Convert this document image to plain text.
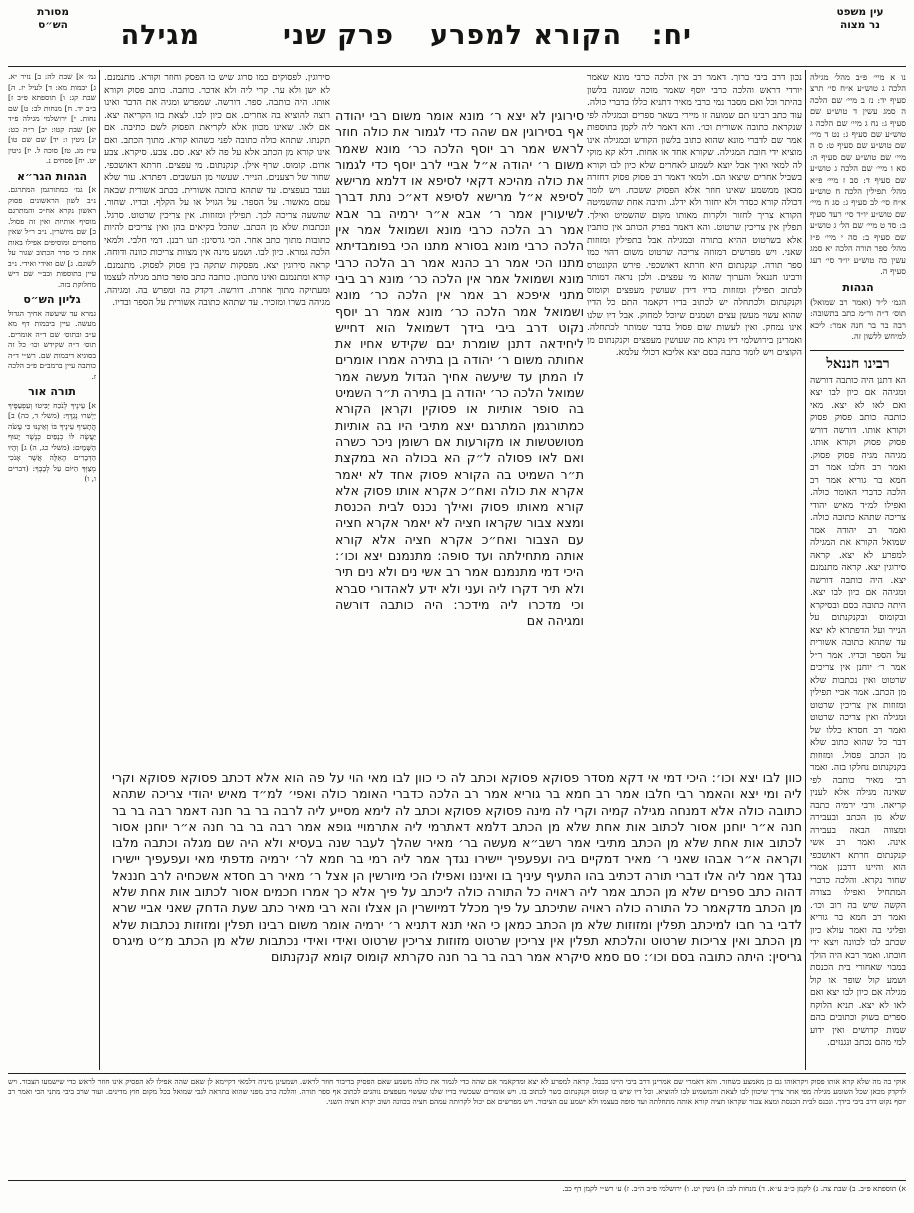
עין משפט
נר מצוה
יח:
הקורא למפרע
פרק שני
מגילה
מסורת
הש״ס
נו א מיי׳ פ״ב מהל׳ מגילה הלכה ג טוש״ע א״ח סי׳ תרצ סעיף יד: נז ב מיי׳ שם הלכה ה סמג עשין ד טוש״ע שם סעיף ג: נח ג מיי׳ שם הלכה ג טוש״ע שם סעיף ג: נט ד מיי׳ שם טוש״ע שם סעיף ט: ס ה מיי׳ שם טוש״ע שם סעיף ה: סא ו מיי׳ שם הלכה ג טוש״ע שם סעיף ד: סב ז מיי׳ פ״א מהל׳ תפילין הלכה ח טוש״ע א״ח סי׳ לב סעיף ג: סג ח מיי׳ שם טוש״ע יו״ד סי׳ רעד סעיף ב: סד ט מיי׳ שם הל׳ ג טוש״ע שם סעיף ב: סה י מיי׳ פ״ז מהל׳ ספר תורה הלכה יא סמג עשין כה טוש״ע יו״ד סי׳ רעג סעיף ה.
הגהות
הגמ׳ ל״ד (ואמר רב שמואל) תוס׳ ד״ה ור״מ כתב בתשובה: רבה בר בר חנה אמר: ליכא למיחש ללשון זה.
רבינו חננאל
הא דתנן היה כותבה דורשה ומגיהה אם כיון לבו יצא ואם לאו לא יצא. מאי כותבה כותב פסוק פסוק וקורא אותו. דורשה דורש פסוק פסוק וקורא אותו. מגיהה מגיה פסוק פסוק. ואמר רב חלבו אמר רב חמא בר גוריא אמר רב הלכה כדברי האומר כולה. ואפילו למ״ד מאיש יהודי צריכה שתהא כתובה כולה. ואמר רב יהודה אמר שמואל הקורא את המגילה למפרע לא יצא. קראה סירוגין יצא. קראה מתנמנם יצא. היה כותבה דורשה ומגיהה אם כיון לבו יצא. היתה כתובה בסם ובסיקרא ובקומוס ובקנקנתום על הנייר ועל הדפתרא לא יצא עד שתהא כתובה אשורית על הספר ובדיו. אמר ר״ל אמר ר׳ יוחנן אין צריכים שרטוט ואין נכתבות שלא מן הכתב. אמר אביי תפילין ומזוזות אין צריכין שרטוט ומגילה ואין צריכה שרטוט ואמר רב חסדא כללו של דבר כל שהוא כתוב שלא מן הכתב פסול. ומזוזות בקנקנתום נחלקו בזה. ואמר רבי מאיר כותבה לפי שאינה מגילה אלא לענין קריאה. ורבי ירמיה כתבה שלא מן הכתב ובעבירה ומצווה הבאה בעבירה אינה. ואמר רב אשי קנקנתום חרתא דאושכפי הוא והיינו דרבנן אמרי שחור נקרא. והלכה כדברי המתחיל ואפילו בצורה הקשה שיש בה רוב וכו׳. ואמר רב חמא בר גוריא ופליגי בה ואמר עולא כיון שכתב לבו לכוונה ויצא ידי חובתו. ואמר רבא היה הולך במבוי שאחורי בית הכנסת ושמע קול שופר או קול מגילה אם כיון לבו יצא ואם לאו לא יצא. תניא הלוקח ספרים בשוק וכתובים בהם שמות קדושים ואין ידוע למי מהם נכתב ונגנזים.
נכון דרב ביבי ברוך. דאמר רב אין הלכה כרבי מונא שאמר יורדי דראש והלכה כרבי יוסף שאמר מוכה שמונה בלשון בהיתר וכל ואם מסבר נמי כרבי מאיר דתניא כללו בדברי כולה. עוד כתב רבינו תם שמועה זו מיירי בשאר ספרים ובמגילה לפי שנקראת כתובה אשורית וכו׳. והא דאמר ליה לקמן בתוספות אמר שם לדברי מונא שהוא כתוב בלשון הקודש ובמגילה אינו מוציא ידי חובת המגילה. שקורא אחד או אחות. דלא קא מוקי לה למאי ואיך אבל יוצא לשמוע לאחרים שלא כיון לבו וקורא בשביל אחרים שיצאו הם. ולמאי דאמר רב פסוק פסוק דחזרה מכאן ממשמע שאינו חוזר אלא הפסוק ששכח. ויש לומר דכולה קורא כסדר ולא יחזור ולא ידלג. ותיבה אחת שהשמיטה הקורא צריך לחזור ולקרות מאותו מקום שהשמיט ואילך. תפלין אין צריכין שרטוט. והא דאמר בפרק הכותב אין כותבין אלא בשרטוט ההיא בתורה ובמגילה אבל בתפילין ומזוזות שאני. ויש מפרשים דמזוזה צריכה שרטוט משום דהוי כמו ספר תורה. קנקנתום היא חרתא דאושכפי. פירש הקונטרס ורבינו חננאל והערוך שהוא מי עפצים. ולכן נראה דמותר לכתוב תפילין ומזוזות בדיו דידן שעושין מעפצים וקומוס וקנקנתום ולכתחלה יש לכתוב בדיו דקאמר התם כל הדיו שהוא עשוי מעשן עצים ושמנים שיוכל למחוק. אבל דיו שלנו אינו נמחק. ואין לעשות שום פסול בדבר שמותר לכתחלה. ואמרינן בירושלמי דיו נקרא מה שעושין מעפצים וקנקנתום מן הקוצים ויש לומר כתבה בסם יצא אליבא דכולי עלמא.
סירוגין. לפסוקים כמו סרוג שיש בו הפסק וחוזר וקורא. מתנמנם. לא ישן ולא ער. קרי ליה ולא אדכר. כותבה. כותב פסוק וקורא אותו. היה כותבה. ספר. דורשה. שמפרש ומגיה את הדבר ואינו רוצה להוציא בה אחרים. אם כיון לבו. לצאת בזו הקריאה יצא. אם לאו. שאינו מכוון אלא לקריאת הפסוק לשם כתיבה. אם תקנתו. שתהא כולה כתובה לפני כשהוא קורא. מתוך הכתב. ואם אינו קורא מן הכתב אלא על פה לא יצא. סם. צבע. סיקרא. צבע אדום. קומוס. שרף אילן. קנקנתום. מי עפצים. חרתא דאושכפי. שחור של רצענים. הנייר. שעשוי מן העשבים. דפתרא. עור שלא נעבד בעפצים. עד שתהא כתובה אשורית. בכתב אשורית שבאה עמם מאשור. על הספר. על הגויל או על הקלף. ובדיו. שחור. שהשעה צריכה לכך. תפילין ומזוזות. אין צריכין שרטוט. סרגל. ונכתבות שלא מן הכתב. שהכל בקיאים בהן ואין צריכים להיות כתובות מתוך כתב אחר. הכי גרסינן: תנו רבנן. דמי חלבי. ולמאי הלכה גמרא. כיון לבו. ושמע מינה אין מצוות צריכות כוונה ודוחה. קראה סירוגין יצא. מפסקות שתקה בין פסוק לפסוק. מתנמנם. קורא ומתנמנם ואינו מתכוון. כותבה כתב סופר כותב מגילה לעצמו ומעתיקה מתוך אחרת. דורשה. דקדק בה ומפרש בה. ומגיהה. מגיהה בשרו ומזכיר. עד שתהא כתובה אשורית על הספר ובדיו.
סירוגין לא יצא ר׳ מונא אומר משום רבי יהודה אף בסירוגין אם שהה כדי לגמור את כולה חוזר לראש אמר רב יוסף הלכה כר׳ מונא שאמר משום ר׳ יהודה א״ל אביי לרב יוסף כדי לגמור את כולה מהיכא דקאי לסיפא או דלמא מרישא לסיפא א״ל מרישא לסיפא דא״כ נתת דברך לשיעורין אמר ר׳ אבא א״ר ירמיה בר אבא אמר רב הלכה כרבי מונא ושמואל אמר אין הלכה כרבי מונא בסורא מתנו הכי בפומבדיתא מתנו הכי אמר רב כהנא אמר רב הלכה כרבי מונא ושמואל אמר אין הלכה כר׳ מונא רב ביבי מתני איפכא רב אמר אין הלכה כר׳ מונא ושמואל אמר הלכה כר׳ מונא אמר רב יוסף נקוט דרב ביבי בידך דשמואל הוא דחייש ליחידאה דתנן שומרת יבם שקידש אחיו את אחותה משום ר׳ יהודה בן בתירה אמרו אומרים לו המתן עד שיעשה אחיך הגדול מעשה אמר שמואל הלכה כר׳ יהודה בן בתירה ת״ר השמיט בה סופר אותיות או פסוקין וקראן הקורא כמתורגמן המתרגם יצא מתיבי היו בה אותיות מטושטשות או מקורעות אם רשומן ניכר כשרה ואם לאו פסולה ל״ק הא בכולה הא במקצת ת״ר השמיט בה הקורא פסוק אחד לא יאמר אקרא את כולה ואח״כ אקרא אותו פסוק אלא קורא מאותו פסוק ואילך נכנס לבית הכנסת ומצא צבור שקראו חציה לא יאמר אקרא חציה עם הצבור ואח״כ אקרא חציה אלא קורא אותה מתחילתה ועד סופה: מתנמנם יצא וכו׳: היכי דמי מתנמנם אמר רב אשי נים ולא נים תיר ולא תיר דקרו ליה ועני ולא ידע לאהדורי סברא וכי מדכרו ליה מידכר: היה כותבה דורשה ומגיהה אם
כוון לבו יצא וכו׳: היכי דמי אי דקא מסדר פסוקא פסוקא וכתב לה כי כוון לבו מאי הוי על פה הוא אלא דכתב פסוקא פסוקא וקרי ליה ומי יצא והאמר רבי חלבו אמר רב חמא בר גוריא אמר רב הלכה כדברי האומר כולה ואפי׳ למ״ד מאיש יהודי צריכה שתהא כתובה כולה אלא דמנחה מגילה קמיה וקרי לה מינה פסוקא פסוקא וכתב לה לימא מסייע ליה לרבה בר בר חנה דאמר רבה בר בר חנה א״ר יוחנן אסור לכתוב אות אחת שלא מן הכתב דלמא דאתרמי ליה אתרמויי גופא אמר רבה בר בר חנה א״ר יוחנן אסור לכתוב אות אחת שלא מן הכתב מתיבי אמר רשב״א מעשה בר׳ מאיר שהלך לעבר שנה בעסיא ולא היה שם מגלה וכתבה מלבו וקראה א״ר אבהו שאני ר׳ מאיר דמקיים ביה ועפעפיך יישירו נגדך אמר ליה רמי בר חמא לר׳ ירמיה מדפתי מאי ועפעפיך יישירו נגדך אמר ליה אלו דברי תורה דכתיב בהו התעיף עיניך בו ואיננו ואפילו הכי מיורשין הן אצל ר׳ מאיר רב חסדא אשכחיה לרב חננאל דהוה כתב ספרים שלא מן הכתב אמר ליה ראויה כל התורה כולה ליכתב על פיך אלא כך אמרו חכמים אסור לכתוב אות אחת שלא מן הכתב מדקאמר כל התורה כולה ראויה שתיכתב על פיך מכלל דמיושרין הן אצלו והא רבי מאיר כתב שעת הדחק שאני אביי שרא לדבי בר חבו למיכתב תפלין ומזוזות שלא מן הכתב כמאן כי האי תנא דתניא ר׳ ירמיה אומר משום רבינו תפלין ומזוזות נכתבות שלא מן הכתב ואין צריכות שרטוט והלכתא תפלין אין צריכין שרטוט מזוזות צריכין שרטוט ואידי ואידי נכתבות שלא מן הכתב מ״ט מיגרס גריסין: היתה כתובה בסם וכו׳: סם סמא סיקרא אמר רבה בר בר חנה סקרתא קומוס קומא קנקנתום
גמ׳ א] שבת לה: ב] נזיר יא. ג] יבמות מא: ד] לעיל יז. ה] שבת קג: ו] תוספתא פ״ב ז] ב״ב יד. ח] מנחות לב: ט] שם נחות. י] ירושלמי מגילה פ״ד יא] שבת קטו: יב] ר״ה כט: יג] גיטין ו: יד] שם שם טו] ע״ז מג. טז] סוכה ל. יז] גיטין יט. יח] פסחים נ.
הגהות הגר״א
א] גמ׳ כמתורגמן המתרגם. נ״ב לשון הראשונים פסוק ראשון נקרא אח״כ והמתרגם מוסיף אותיות ואין זה פסול. ב] שם מיושרין. נ״ב ר״ל שאין מחסרים ומוסיפים אפילו באות אחת כי סדר הכתוב שגור על לשונם. ג] שם ואידי ואידי. נ״ב עיין בתוספות ובב״י שם דיש מחלוקת בזה.
גליון הש״ס
גמרא עד שיעשה אחיך הגדול מעשה. עיין ביבמות דף מא ע״ב ובתוס׳ שם ד״ה אומרים. תוס׳ ד״ה שקידש וכו׳ כל זה בסוגיא דיבמות שם. רש״י ד״ה כותבה עיין ברמב״ם פ״ב הלכה ז.
תורה אור
א] עֵינֶיךָ לְנֹכַח יַבִּיטוּ וְעַפְעַפֶּיךָ יַיְשִׁרוּ נֶגְדֶּךָ: (משלי ד, כה) ב] הֲתָעִיף עֵינֶיךָ בּוֹ וְאֵינֶנּוּ כִּי עָשֹׂה יַעֲשֶׂה לּוֹ כְנָפַיִם כְּנֶשֶׁר יָעוּף הַשָּׁמָיִם: (משלי כג, ה) ג] וְהָיוּ הַדְּבָרִים הָאֵלֶּה אֲשֶׁר אָנֹכִי מְצַוְּךָ הַיּוֹם עַל לְבָבֶךָ: (דברים ו, ו)
אוקי בה מה שלא קרא אותו פסוק ויקראוהו גם כן מאמצע כשחזר. והא דאמרי שם אמרינן דרב ביבי היינו בבבל. קראה למפרע לא יצא ומדקאמר אם שהה כדי לגמור את כולה משמע שאם הפסיק בדיבור חוזר לראש. ושמעינן מיניה דלמאי דקיימא לן שאם שהה אפילו לא הפסיק אינו חוזר לראש כדי שישמעו הצבור. ויש לדקדק מכאן שכל השומע מגילה מפי אחר צריך שיכוון לבו לצאת והמשמיע לבו להוציא. וכל דיו שיש בו קומוס וקנקנתום כשר לכתוב בו. ויש אומרים שעכשיו בדיו שלנו שעשוי מעפצים נוהגים לכתוב אף ספר תורה. והלכה כרב מפני שהוא בתראה לגבי שמואל בכל מקום חוץ מדינים. ועוד שרב ביבי מתני הכי ואמר רב יוסף נקוט דרב ביבי בידך. ונכנס לבית הכנסת ומצא צבור שקראו חציה קורא אותה מתחלתה ועד סופה בעצמו ולא ישמע עם הציבור. ויש מפרשים אם יכול לקרותה עמהם חציה בכוונה ושוב יקרא חציה השני.
א) תוספתא פ״ב. ב) שבת צה. ג) לקמן כ׳׳ב ע׳׳א. ד) מנחות לב: ה) גיטין יט. ו) ירושלמי פ״ב ה״ב. ז) ע׳ רש״י לקמן דף כב.
